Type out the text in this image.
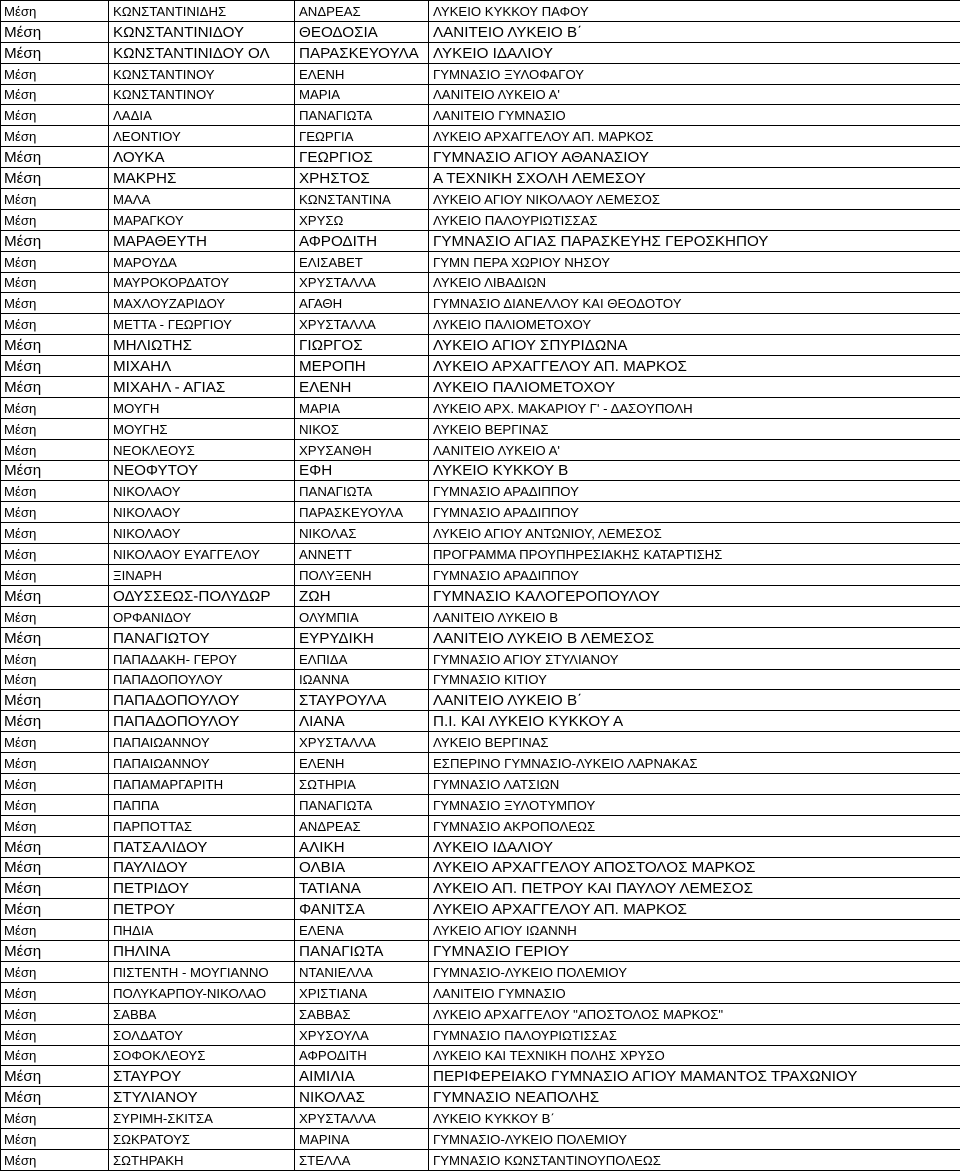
Μέση	ΚΩΝΣΤΑΝΤΙΝΙΔΗΣ	ΑΝΔΡΕΑΣ	ΛΥΚΕΙΟ ΚΥΚΚΟΥ ΠΑΦΟΥ
Μέση	ΚΩΝΣΤΑΝΤΙΝΙΔΟΥ	ΘΕΟΔΟΣΙΑ	ΛΑΝΙΤΕΙΟ ΛΥΚΕΙΟ Β΄
Μέση	ΚΩΝΣΤΑΝΤΙΝΙΔΟΥ ΟΛ	ΠΑΡΑΣΚΕΥΟΥΛΑ	ΛΥΚΕΙΟ ΙΔΑΛΙΟΥ
Μέση	ΚΩΝΣΤΑΝΤΙΝΟΥ	ΕΛΕΝΗ	ΓΥΜΝΑΣΙΟ ΞΥΛΟΦΑΓΟΥ
Μέση	ΚΩΝΣΤΑΝΤΙΝΟΥ	ΜΑΡΙΑ	ΛΑΝΙΤΕΙΟ ΛΥΚΕΙΟ Α'
Μέση	ΛΑΔΙΑ	ΠΑΝΑΓΙΩΤΑ	ΛΑΝΙΤΕΙΟ ΓΥΜΝΑΣΙΟ
Μέση	ΛΕΟΝΤΙΟΥ	ΓΕΩΡΓΙΑ	ΛΥΚΕΙΟ ΑΡΧΑΓΓΕΛΟΥ ΑΠ. ΜΑΡΚΟΣ
Μέση	ΛΟΥΚΑ	ΓΕΩΡΓΙΟΣ	ΓΥΜΝΑΣΙΟ ΑΓΙΟΥ ΑΘΑΝΑΣΙΟΥ
Μέση	ΜΑΚΡΗΣ	ΧΡΗΣΤΟΣ	Α ΤΕΧΝΙΚΗ ΣΧΟΛΗ ΛΕΜΕΣΟΥ
Μέση	ΜΑΛΑ	ΚΩΝΣΤΑΝΤΙΝΑ	ΛΥΚΕΙΟ ΑΓΙΟΥ ΝΙΚΟΛΑΟΥ ΛΕΜΕΣΟΣ
Μέση	ΜΑΡΑΓΚΟΥ	ΧΡΥΣΩ	ΛΥΚΕΙΟ ΠΑΛΟΥΡΙΩΤΙΣΣΑΣ
Μέση	ΜΑΡΑΘΕΥΤΗ	ΑΦΡΟΔΙΤΗ	ΓΥΜΝΑΣΙΟ ΑΓΙΑΣ ΠΑΡΑΣΚΕΥΗΣ ΓΕΡΟΣΚΗΠΟΥ
Μέση	ΜΑΡΟΥΔΑ	ΕΛΙΣΑΒΕΤ	ΓΥΜΝ ΠΕΡΑ ΧΩΡΙΟΥ ΝΗΣΟΥ
Μέση	ΜΑΥΡΟΚΟΡΔΑΤΟΥ	ΧΡΥΣΤΑΛΛΑ	ΛΥΚΕΙΟ ΛΙΒΑΔΙΩΝ
Μέση	ΜΑΧΛΟΥΖΑΡΙΔΟΥ	ΑΓΑΘΗ	ΓΥΜΝΑΣΙΟ ΔΙΑΝΕΛΛΟΥ ΚΑΙ ΘΕΟΔΟΤΟΥ
Μέση	ΜΕΤΤΑ - ΓΕΩΡΓΙΟΥ	ΧΡΥΣΤΑΛΛΑ	ΛΥΚΕΙΟ ΠΑΛΙΟΜΕΤΟΧΟΥ
Μέση	ΜΗΛΙΩΤΗΣ	ΓΙΩΡΓΟΣ	ΛΥΚΕΙΟ ΑΓΙΟΥ ΣΠΥΡΙΔΩΝΑ
Μέση	ΜΙΧΑΗΛ	ΜΕΡΟΠΗ	ΛΥΚΕΙΟ ΑΡΧΑΓΓΕΛΟΥ ΑΠ. ΜΑΡΚΟΣ
Μέση	ΜΙΧΑΗΛ - ΑΓΙΑΣ	ΕΛΕΝΗ	ΛΥΚΕΙΟ ΠΑΛΙΟΜΕΤΟΧΟΥ
Μέση	ΜΟΥΓΗ	ΜΑΡΙΑ	ΛΥΚΕΙΟ ΑΡΧ. ΜΑΚΑΡΙΟΥ Γ' - ΔΑΣΟΥΠΟΛΗ
Μέση	ΜΟΥΓΗΣ	ΝΙΚΟΣ	ΛΥΚΕΙΟ ΒΕΡΓΙΝΑΣ
Μέση	ΝΕΟΚΛΕΟΥΣ	ΧΡΥΣΑΝΘΗ	ΛΑΝΙΤΕΙΟ ΛΥΚΕΙΟ Α'
Μέση	ΝΕΟΦΥΤΟΥ	ΕΦΗ	ΛΥΚΕΙΟ ΚΥΚΚΟΥ Β
Μέση	ΝΙΚΟΛΑΟΥ	ΠΑΝΑΓΙΩΤΑ	ΓΥΜΝΑΣΙΟ ΑΡΑΔΙΠΠΟΥ
Μέση	ΝΙΚΟΛΑΟΥ	ΠΑΡΑΣΚΕΥΟΥΛΑ	ΓΥΜΝΑΣΙΟ ΑΡΑΔΙΠΠΟΥ
Μέση	ΝΙΚΟΛΑΟΥ	ΝΙΚΟΛΑΣ	ΛΥΚΕΙΟ ΑΓΙΟΥ ΑΝΤΩΝΙΟΥ, ΛΕΜΕΣΟΣ
Μέση	ΝΙΚΟΛΑΟΥ ΕΥΑΓΓΕΛΟΥ	ΑΝΝΕΤΤ	ΠΡΟΓΡΑΜΜΑ ΠΡΟΥΠΗΡΕΣΙΑΚΗΣ ΚΑΤΑΡΤΙΣΗΣ
Μέση	ΞΙΝΑΡΗ	ΠΟΛΥΞΕΝΗ	ΓΥΜΝΑΣΙΟ ΑΡΑΔΙΠΠΟΥ
Μέση	ΟΔΥΣΣΕΩΣ-ΠΟΛΥΔΩΡ	ΖΩΗ	ΓΥΜΝΑΣΙΟ ΚΑΛΟΓΕΡΟΠΟΥΛΟΥ
Μέση	ΟΡΦΑΝΙΔΟΥ	ΟΛΥΜΠΙΑ	ΛΑΝΙΤΕΙΟ ΛΥΚΕΙΟ Β
Μέση	ΠΑΝΑΓΙΩΤΟΥ	ΕΥΡΥΔΙΚΗ	ΛΑΝΙΤΕΙΟ ΛΥΚΕΙΟ Β ΛΕΜΕΣΟΣ
Μέση	ΠΑΠΑΔΑΚΗ- ΓΕΡΟΥ	ΕΛΠΙΔΑ	ΓΥΜΝΑΣΙΟ ΑΓΙΟΥ ΣΤΥΛΙΑΝΟΥ
Μέση	ΠΑΠΑΔΟΠΟΥΛΟΥ	ΙΩΑΝΝΑ	ΓΥΜΝΑΣΙΟ ΚΙΤΙΟΥ
Μέση	ΠΑΠΑΔΟΠΟΥΛΟΥ	ΣΤΑΥΡΟΥΛΑ	ΛΑΝΙΤΕΙΟ ΛΥΚΕΙΟ Β΄
Μέση	ΠΑΠΑΔΟΠΟΥΛΟΥ	ΛΙΑΝΑ	Π.Ι. ΚΑΙ ΛΥΚΕΙΟ ΚΥΚΚΟΥ Α
Μέση	ΠΑΠΑΙΩΑΝΝΟΥ	ΧΡΥΣΤΑΛΛΑ	ΛΥΚΕΙΟ ΒΕΡΓΙΝΑΣ
Μέση	ΠΑΠΑΙΩΑΝΝΟΥ	ΕΛΕΝΗ	ΕΣΠΕΡΙΝΟ ΓΥΜΝΑΣΙΟ-ΛΥΚΕΙΟ ΛΑΡΝΑΚΑΣ
Μέση	ΠΑΠΑΜΑΡΓΑΡΙΤΗ	ΣΩΤΗΡΙΑ	ΓΥΜΝΑΣΙΟ ΛΑΤΣΙΩΝ
Μέση	ΠΑΠΠΑ	ΠΑΝΑΓΙΩΤΑ	ΓΥΜΝΑΣΙΟ ΞΥΛΟΤΥΜΠΟΥ
Μέση	ΠΑΡΠΟΤΤΑΣ	ΑΝΔΡΕΑΣ	ΓΥΜΝΑΣΙΟ ΑΚΡΟΠΟΛΕΩΣ
Μέση	ΠΑΤΣΑΛΙΔΟΥ	ΑΛΙΚΗ	ΛΥΚΕΙΟ ΙΔΑΛΙΟΥ
Μέση	ΠΑΥΛΙΔΟΥ	ΟΛΒΙΑ	ΛΥΚΕΙΟ ΑΡΧΑΓΓΕΛΟΥ ΑΠΟΣΤΟΛΟΣ ΜΑΡΚΟΣ
Μέση	ΠΕΤΡΙΔΟΥ	ΤΑΤΙΑΝΑ	ΛΥΚΕΙΟ ΑΠ. ΠΕΤΡΟΥ ΚΑΙ ΠΑΥΛΟΥ ΛΕΜΕΣΟΣ
Μέση	ΠΕΤΡΟΥ	ΦΑΝΙΤΣΑ	ΛΥΚΕΙΟ ΑΡΧΑΓΓΕΛΟΥ ΑΠ. ΜΑΡΚΟΣ
Μέση	ΠΗΔΙΑ	ΕΛΕΝΑ	ΛΥΚΕΙΟ ΑΓΙΟΥ ΙΩΑΝΝΗ
Μέση	ΠΗΛΙΝΑ	ΠΑΝΑΓΙΩΤΑ	ΓΥΜΝΑΣΙΟ ΓΕΡΙΟΥ
Μέση	ΠΙΣΤΕΝΤΗ - ΜΟΥΓΙΑΝΝΟ	ΝΤΑΝΙΕΛΛΑ	ΓΥΜΝΑΣΙΟ-ΛΥΚΕΙΟ ΠΟΛΕΜΙΟΥ
Μέση	ΠΟΛΥΚΑΡΠΟΥ-ΝΙΚΟΛΑΟ	ΧΡΙΣΤΙΑΝΑ	ΛΑΝΙΤΕΙΟ ΓΥΜΝΑΣΙΟ
Μέση	ΣΑΒΒΑ	ΣΑΒΒΑΣ	ΛΥΚΕΙΟ ΑΡΧΑΓΓΕΛΟΥ "ΑΠΟΣΤΟΛΟΣ ΜΑΡΚΟΣ"
Μέση	ΣΟΛΔΑΤΟΥ	ΧΡΥΣΟΥΛΑ	ΓΥΜΝΑΣΙΟ ΠΑΛΟΥΡΙΩΤΙΣΣΑΣ
Μέση	ΣΟΦΟΚΛΕΟΥΣ	ΑΦΡΟΔΙΤΗ	ΛΥΚΕΙΟ ΚΑΙ ΤΕΧΝΙΚΗ ΠΟΛΗΣ ΧΡΥΣΟ
Μέση	ΣΤΑΥΡΟΥ	ΑΙΜΙΛΙΑ	ΠΕΡΙΦΕΡΕΙΑΚΟ ΓΥΜΝΑΣΙΟ ΑΓΙΟΥ ΜΑΜΑΝΤΟΣ ΤΡΑΧΩΝΙΟΥ
Μέση	ΣΤΥΛΙΑΝΟΥ	ΝΙΚΟΛΑΣ	ΓΥΜΝΑΣΙΟ ΝΕΑΠΟΛΗΣ
Μέση	ΣΥΡΙΜΗ-ΣΚΙΤΣΑ	ΧΡΥΣΤΑΛΛΑ	ΛΥΚΕΙΟ ΚΥΚΚΟΥ Β΄
Μέση	ΣΩΚΡΑΤΟΥΣ	ΜΑΡΙΝΑ	ΓΥΜΝΑΣΙΟ-ΛΥΚΕΙΟ ΠΟΛΕΜΙΟΥ
Μέση	ΣΩΤΗΡΑΚΗ	ΣΤΕΛΛΑ	ΓΥΜΝΑΣΙΟ ΚΩΝΣΤΑΝΤΙΝΟΥΠΟΛΕΩΣ
